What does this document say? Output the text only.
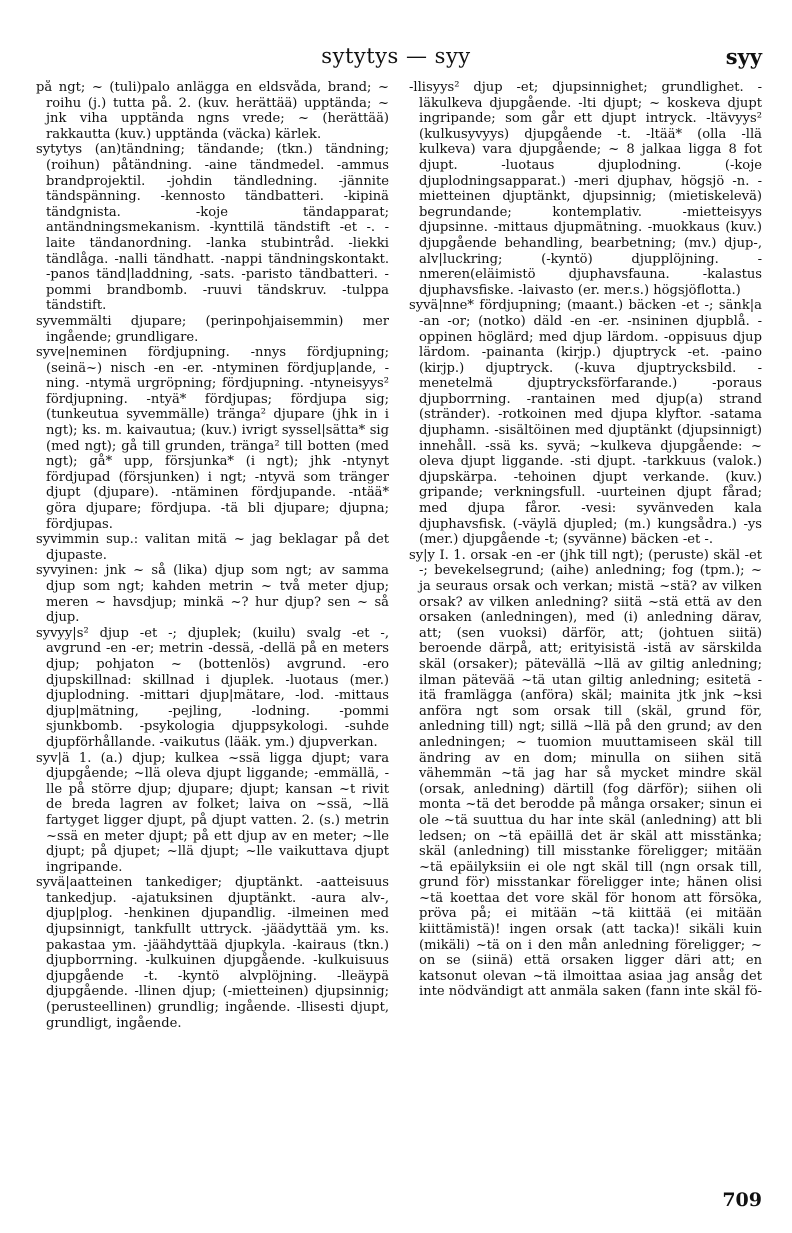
sytytys — syy	syy

på ngt; ~ (tuli)palo anlägga en eldsvåda, brand; ~ roihu (j.) tutta på. 2. (kuv. herättää) upptända; ~ jnk viha upptända ngns vrede; ~ (herättää) rakkautta (kuv.) upptända (väcka) kärlek.

sytytys (an)tändning; tändande; (tkn.) tändning; (roihun) påtändning. -aine tändmedel. -ammus brandprojektil. -johdin tändledning. -jännite tändspänning. -kennosto tändbatteri. -kipinä tändgnista. -koje tändapparat; antändningsmekanism. -kynttilä tändstift -et -. -laite tändanordning. -lanka stubintråd. -liekki tändlåga. -nalli tändhatt. -nappi tändningskontakt. -panos tänd|laddning, -sats. -paristo tändbatteri. -pommi brandbomb. -ruuvi tändskruv. -tulppa tändstift.

syvemmälti djupare; (perinpohjaisemmin) mer ingående; grundligare.

syve|neminen fördjupning. -nnys fördjupning; (seinä~) nisch -en -er. -ntyminen fördjup|ande, -ning. -ntymä urgröpning; fördjupning. -ntyneisyys² fördjupning. -ntyä* fördjupas; fördjupa sig; (tunkeutua syvemmälle) tränga² djupare (jhk in i ngt); ks. m. kaivautua; (kuv.) ivrigt syssel|sätta* sig (med ngt); gå till grunden, tränga² till botten (med ngt); gå* upp, försjunka* (i ngt); jhk -ntynyt fördjupad (försjunken) i ngt; -ntyvä som tränger djupt (djupare). -ntäminen fördjupande. -ntää* göra djupare; fördjupa. -tä bli djupare; djupna; fördjupas.

syvimmin sup.: valitan mitä ~ jag beklagar på det djupaste.

syvyinen: jnk ~ så (lika) djup som ngt; av samma djup som ngt; kahden metrin ~ två meter djup; meren ~ havsdjup; minkä ~? hur djup? sen ~ så djup.

syvyy|s² djup -et -; djuplek; (kuilu) svalg -et -, avgrund -en -er; metrin -dessä, -dellä på en meters djup; pohjaton ~ (bottenlös) avgrund. -ero djupskillnad: skillnad i djuplek. -luotaus (mer.) djuplodning. -mittari djup|mätare, -lod. -mittaus djup|mätning, -pejling, -lodning. -pommi sjunkbomb. -psykologia djuppsykologi. -suhde djupförhållande. -vaikutus (lääk. ym.) djupverkan.

syv|ä 1. (a.) djup; kulkea ~ssä ligga djupt; vara djupgående; ~llä oleva djupt liggande; -emmällä, -lle på större djup; djupare; djupt; kansan ~t rivit de breda lagren av folket; laiva on ~ssä, ~llä fartyget ligger djupt, på djupt vatten. 2. (s.) metrin ~ssä en meter djupt; på ett djup av en meter; ~lle djupt; på djupet; ~llä djupt; ~lle vaikuttava djupt ingripande.

syvä|aatteinen tankediger; djuptänkt. -aatteisuus tankedjup. -ajatuksinen djuptänkt. -aura alv-, djup|plog. -henkinen djupandlig. -ilmeinen med djupsinnigt, tankfullt uttryck. -jäädyttää ym. ks. pakastaa ym. -jäähdyttää djupkyla. -kairaus (tkn.) djupborrning. -kulkuinen djupgående. -kulkuisuus djupgående -t. -kyntö alvplöjning. -lleäypä djupgående. -llinen djup; (-mietteinen) djupsinnig; (perusteellinen) grundlig; ingående. -llisesti djupt, grundligt, ingående.

-llisyys² djup -et; djupsinnighet; grundlighet. -läkulkeva djupgående. -lti djupt; ~ koskeva djupt ingripande; som går ett djupt intryck. -ltävyys² (kulkusyvyys) djupgående -t. -ltää* (olla -llä kulkeva) vara djupgående; ~ 8 jalkaa ligga 8 fot djupt. -luotaus djuplodning. (-koje djuplodningsapparat.) -meri djuphav, högsjö -n. -mietteinen djuptänkt, djupsinnig; (mietiskelevä) begrundande; kontemplativ. -mietteisyys djupsinne. -mittaus djupmätning. -muokkaus (kuv.) djupgående behandling, bearbetning; (mv.) djup-, alv|luckring; (-kyntö) djupplöjning. -nmeren(eläimistö djuphavsfauna. -kalastus djuphavsfiske. -laivasto (er. mer.s.) högsjöflotta.)

syvä|nne* fördjupning; (maant.) bäcken -et -; sänk|a -an -or; (notko) däld -en -er. -nsininen djupblå. -oppinen höglärd; med djup lärdom. -oppisuus djup lärdom. -painanta (kirjp.) djuptryck -et. -paino (kirjp.) djuptryck. (-kuva djuptrycksbild. -menetelmä djuptrycksförfarande.) -poraus djupborrning. -rantainen med djup(a) strand (stränder). -rotkoinen med djupa klyftor. -satama djuphamn. -sisältöinen med djuptänkt (djupsinnigt) innehåll. -ssä ks. syvä; ~kulkeva djupgående: ~ oleva djupt liggande. -sti djupt. -tarkkuus (valok.) djupskärpa. -tehoinen djupt verkande. (kuv.) gripande; verkningsfull. -uurteinen djupt fårad; med djupa fåror. -vesi: syvänveden kala djuphavsfisk. (-väylä djupled; (m.) kungsådra.) -ys (mer.) djupgående -t; (syvänne) bäcken -et -.

sy|y I. 1. orsak -en -er (jhk till ngt); (peruste) skäl -et -; bevekelsegrund; (aihe) anledning; fog (tpm.); ~ ja seuraus orsak och verkan; mistä ~stä? av vilken orsak? av vilken anledning? siitä ~stä että av den orsaken (anledningen), med (i) anledning därav, att; (sen vuoksi) därför, att; (johtuen siitä) beroende därpå, att; erityisistä -istä av särskilda skäl (orsaker); pätevällä ~llä av giltig anledning; ilman pätevää ~tä utan giltig anledning; esitetä -itä framlägga (anföra) skäl; mainita jtk jnk ~ksi anföra ngt som orsak till (skäl, grund för, anledning till) ngt; sillä ~llä på den grund; av den anledningen; ~ tuomion muuttamiseen skäl till ändring av en dom; minulla on siihen sitä vähemmän ~tä jag har så mycket mindre skäl (orsak, anledning) därtill (fog därför); siihen oli monta ~tä det berodde på många orsaker; sinun ei ole ~tä suuttua du har inte skäl (anledning) att bli ledsen; on ~tä epäillä det är skäl att misstänka; skäl (anledning) till misstanke föreligger; mitään ~tä epäilyksiin ei ole ngt skäl till (ngn orsak till, grund för) misstankar föreligger inte; hänen olisi ~tä koettaa det vore skäl för honom att försöka, pröva på; ei mitään ~tä kiittää (ei mitään kiittämistä)! ingen orsak (att tacka)! sikäli kuin (mikäli) ~tä on i den mån anledning föreligger; ~ on se (siinä) että orsaken ligger däri att; en katsonut olevan ~tä ilmoittaa asiaa jag ansåg det inte nödvändigt att anmäla saken (fann inte skäl fö-

709
